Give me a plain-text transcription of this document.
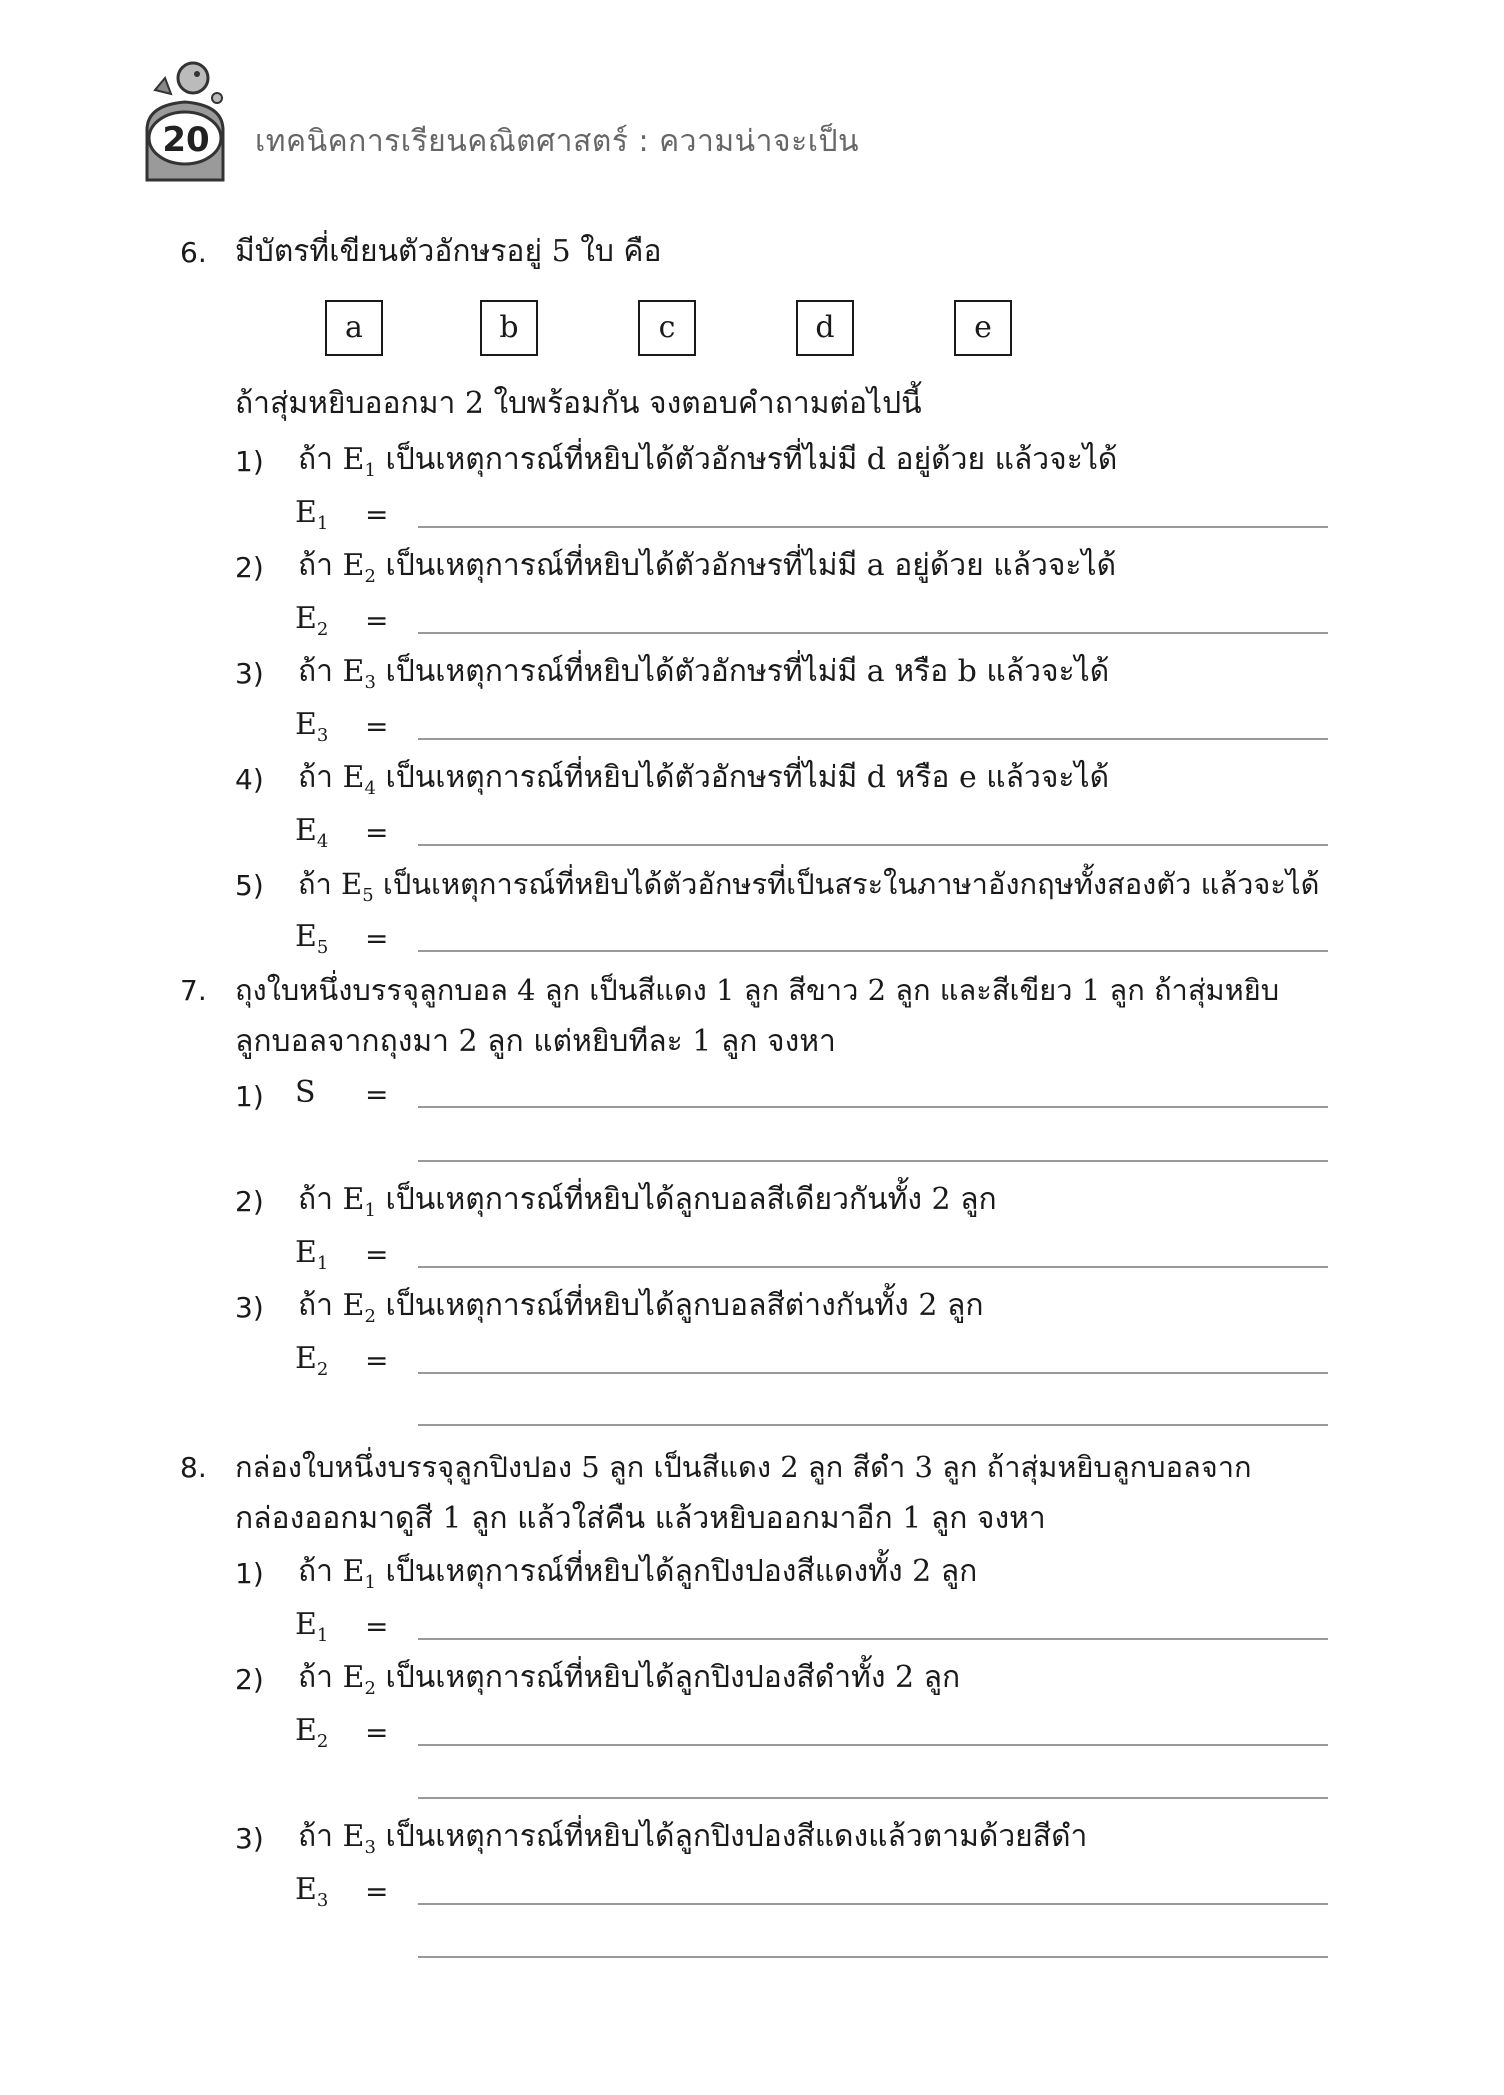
20	เทคนิคการเรียนคณิตศาสตร์ : ความน่าจะเป็น
6. มีบัตรที่เขียนตัวอักษรอยู่ 5 ใบ คือ
a	b	c	d	e
ถ้าสุ่มหยิบออกมา 2 ใบพร้อมกัน จงตอบคำถามต่อไปนี้
1) ถ้า $E_1$ เป็นเหตุการณ์ที่หยิบได้ตัวอักษรที่ไม่มี d อยู่ด้วย แล้วจะได้
$E_1$ =
2) ถ้า $E_2$ เป็นเหตุการณ์ที่หยิบได้ตัวอักษรที่ไม่มี a อยู่ด้วย แล้วจะได้
$E_2$ =
3) ถ้า $E_3$ เป็นเหตุการณ์ที่หยิบได้ตัวอักษรที่ไม่มี a หรือ b แล้วจะได้
$E_3$ =
4) ถ้า $E_4$ เป็นเหตุการณ์ที่หยิบได้ตัวอักษรที่ไม่มี d หรือ e แล้วจะได้
$E_4$ =
5) ถ้า $E_5$ เป็นเหตุการณ์ที่หยิบได้ตัวอักษรที่เป็นสระในภาษาอังกฤษทั้งสองตัว แล้วจะได้
$E_5$ =
7. ถุงใบหนึ่งบรรจุลูกบอล 4 ลูก เป็นสีแดง 1 ลูก สีขาว 2 ลูก และสีเขียว 1 ลูก ถ้าสุ่มหยิบ
ลูกบอลจากถุงมา 2 ลูก แต่หยิบทีละ 1 ลูก จงหา
1) S =
2) ถ้า $E_1$ เป็นเหตุการณ์ที่หยิบได้ลูกบอลสีเดียวกันทั้ง 2 ลูก
$E_1$ =
3) ถ้า $E_2$ เป็นเหตุการณ์ที่หยิบได้ลูกบอลสีต่างกันทั้ง 2 ลูก
$E_2$ =
8. กล่องใบหนึ่งบรรจุลูกปิงปอง 5 ลูก เป็นสีแดง 2 ลูก สีดำ 3 ลูก ถ้าสุ่มหยิบลูกบอลจาก
กล่องออกมาดูสี 1 ลูก แล้วใส่คืน แล้วหยิบออกมาอีก 1 ลูก จงหา
1) ถ้า $E_1$ เป็นเหตุการณ์ที่หยิบได้ลูกปิงปองสีแดงทั้ง 2 ลูก
$E_1$ =
2) ถ้า $E_2$ เป็นเหตุการณ์ที่หยิบได้ลูกปิงปองสีดำทั้ง 2 ลูก
$E_2$ =
3) ถ้า $E_3$ เป็นเหตุการณ์ที่หยิบได้ลูกปิงปองสีแดงแล้วตามด้วยสีดำ
$E_3$ =
